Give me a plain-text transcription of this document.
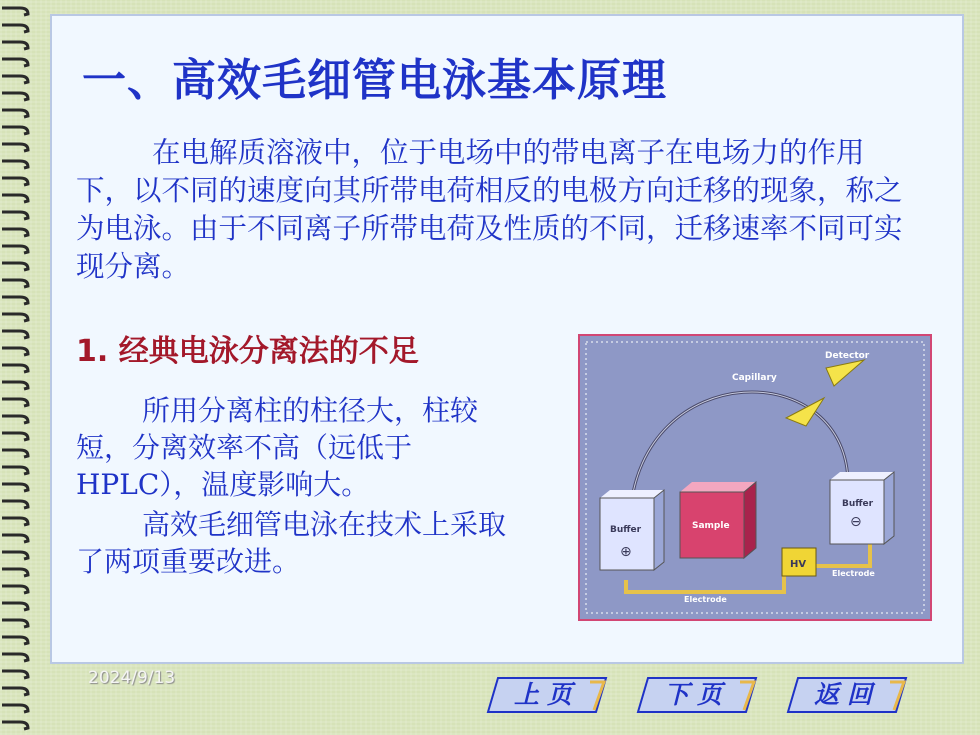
一、高效毛细管电泳基本原理

在电解质溶液中，位于电场中的带电离子在电场力的作用下，以不同的速度向其所带电荷相反的电极方向迁移的现象，称之为电泳。由于不同离子所带电荷及性质的不同，迁移速率不同可实现分离。

1. 经典电泳分离法的不足

所用分离柱的柱径大，柱较短，分离效率不高（远低于HPLC），温度影响大。

高效毛细管电泳在技术上采取了两项重要改进。

Detector
Capillary
Buffer
⊕
Sample
Buffer
⊖
HV
Electrode
Electrode

2024/9/13

上页	下页	返回
